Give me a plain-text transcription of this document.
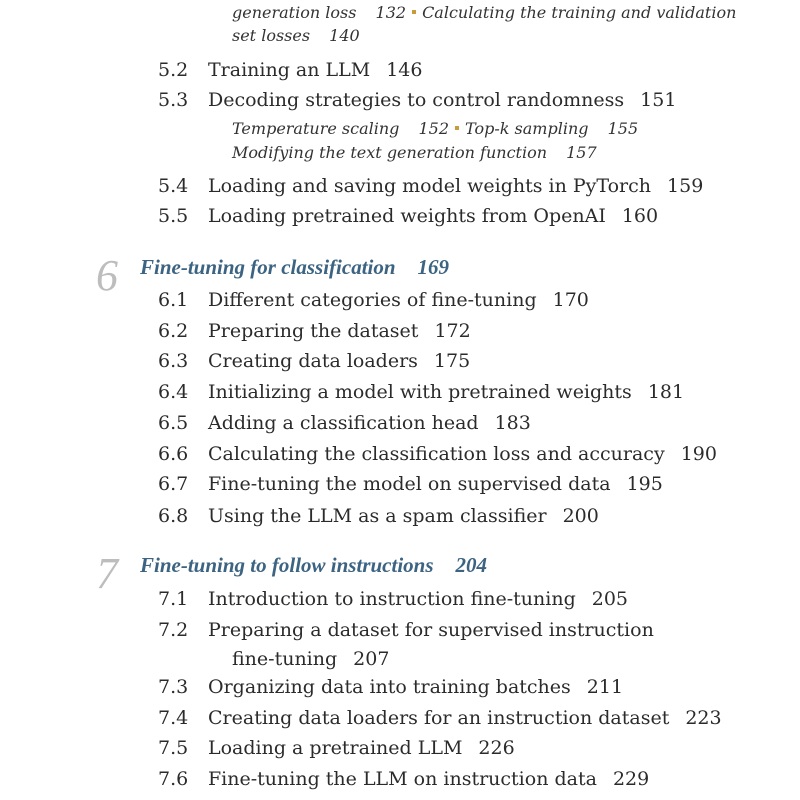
generation loss 132 Calculating the training and validation
set losses 140
5.2	Training an LLM 146
5.3	Decoding strategies to control randomness 151
Temperature scaling 152 Top-k sampling 155
Modifying the text generation function 157
5.4	Loading and saving model weights in PyTorch 159
5.5	Loading pretrained weights from OpenAI 160
6 Fine-tuning for classification 169
6.1	Different categories of fine-tuning 170
6.2	Preparing the dataset 172
6.3	Creating data loaders 175
6.4	Initializing a model with pretrained weights 181
6.5	Adding a classification head 183
6.6	Calculating the classification loss and accuracy 190
6.7	Fine-tuning the model on supervised data 195
6.8	Using the LLM as a spam classifier 200
7 Fine-tuning to follow instructions 204
7.1	Introduction to instruction fine-tuning 205
7.2	Preparing a dataset for supervised instruction
fine-tuning 207
7.3	Organizing data into training batches 211
7.4	Creating data loaders for an instruction dataset 223
7.5	Loading a pretrained LLM 226
7.6	Fine-tuning the LLM on instruction data 229
